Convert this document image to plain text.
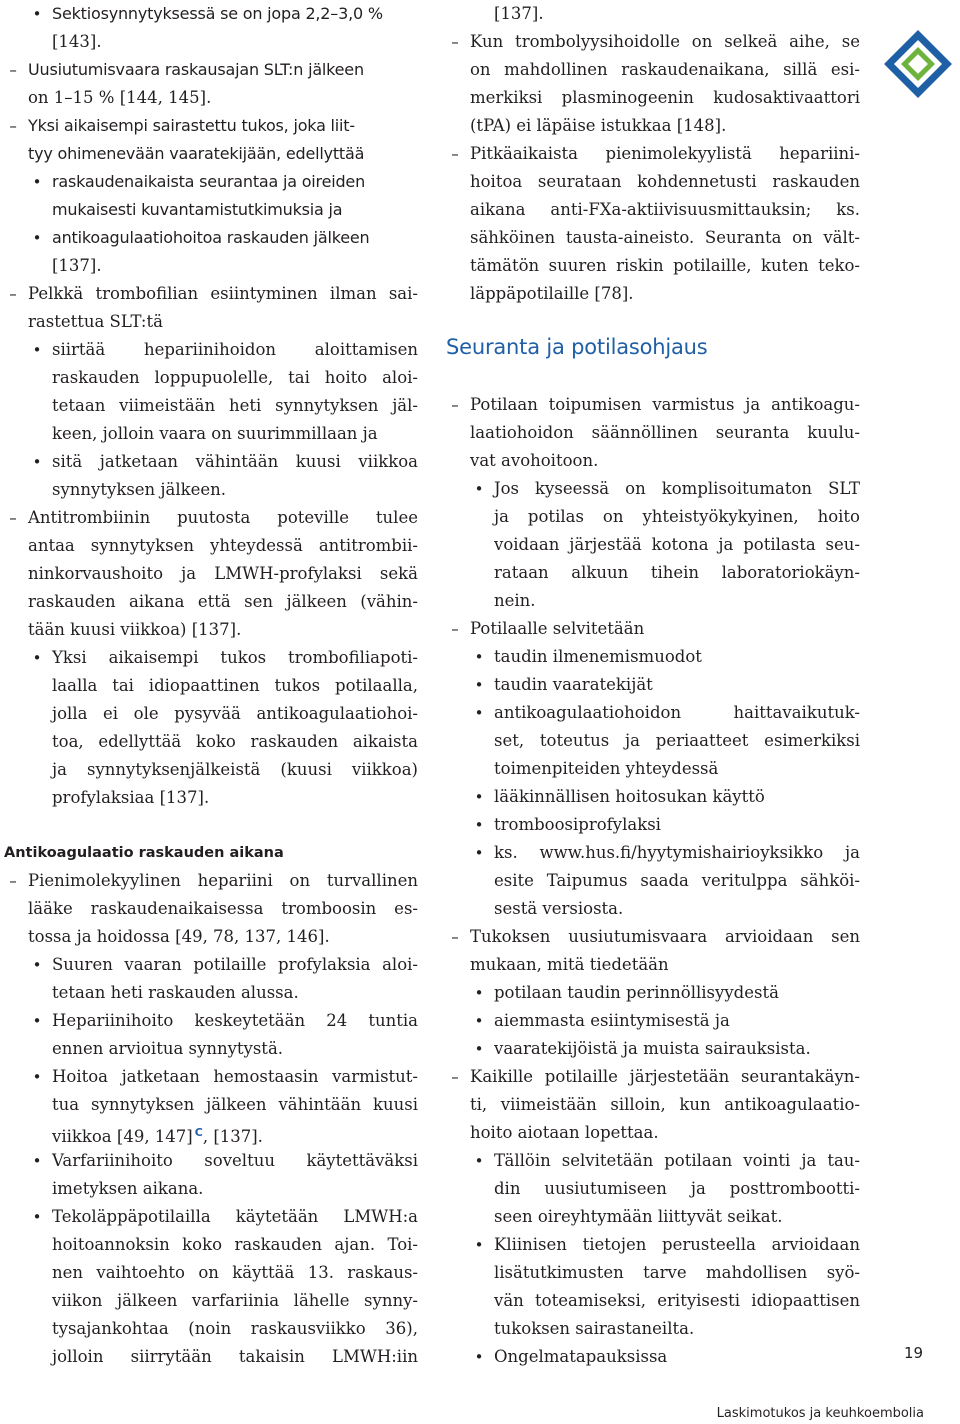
• Sektiosynnytyksessä se on jopa 2,2–3,0 %
[143].
– Uusiutumisvaara raskausajan SLT:n jälkeen
on 1–15 % [144, 145].
– Yksi aikaisempi sairastettu tukos, joka liit-
tyy ohimenevään vaaratekijään, edellyttää
• raskaudenaikaista seurantaa ja oireiden
mukaisesti kuvantamistutkimuksia ja
• antikoagulaatiohoitoa raskauden jälkeen
[137].
– Pelkkä trombofilian esiintyminen ilman sai-
rastettua SLT:tä
• siirtää hepariinihoidon aloittamisen
raskauden loppupuolelle, tai hoito aloi-
tetaan viimeistään heti synnytyksen jäl-
keen, jolloin vaara on suurimmillaan ja
• sitä jatketaan vähintään kuusi viikkoa
synnytyksen jälkeen.
– Antitrombiinin puutosta poteville tulee
antaa synnytyksen yhteydessä antitrombii-
ninkorvaushoito ja LMWH-profylaksi sekä
raskauden aikana että sen jälkeen (vähin-
tään kuusi viikkoa) [137].
• Yksi aikaisempi tukos trombofiliapoti-
laalla tai idiopaattinen tukos potilaalla,
jolla ei ole pysyvää antikoagulaatiohoi-
toa, edellyttää koko raskauden aikaista
ja synnytyksenjälkeistä (kuusi viikkoa)
profylaksiaa [137].
– Pienimolekyylinen hepariini on turvallinen
lääke raskaudenaikaisessa tromboosin es-
tossa ja hoidossa [49, 78, 137, 146].
• Suuren vaaran potilaille profylaksia aloi-
tetaan heti raskauden alussa.
• Hepariinihoito keskeytetään 24 tuntia
ennen arvioitua synnytystä.
• Hoitoa jatketaan hemostaasin varmistut-
tua synnytyksen jälkeen vähintään kuusi
viikkoa [49, 147] $^C$, [137].
• Varfariinihoito soveltuu käytettäväksi
imetyksen aikana.
• Tekoläppäpotilailla käytetään LMWH:a
hoitoannoksin koko raskauden ajan. Toi-
nen vaihtoehto on käyttää 13. raskaus-
viikon jälkeen varfariinia lähelle synny-
tysajankohtaa (noin raskausviikko 36),
jolloin siirrytään takaisin LMWH:iin
Antikoagulaatio raskauden aikana
[137].
– Kun trombolyysihoidolle on selkeä aihe, se
on mahdollinen raskaudenaikana, sillä esi-
merkiksi plasminogeenin kudosaktivaattori
(tPA) ei läpäise istukkaa [148].
– Pitkäaikaista pienimolekyylistä hepariini-
hoitoa seurataan kohdennetusti raskauden
aikana anti-FXa-aktiivisuusmittauksin; ks.
sähköinen tausta-aineisto. Seuranta on vält-
tämätön suuren riskin potilaille, kuten teko-
läppäpotilaille [78].
– Potilaan toipumisen varmistus ja antikoagu-
laatiohoidon säännöllinen seuranta kuulu-
vat avohoitoon.
• Jos kyseessä on komplisoitumaton SLT
ja potilas on yhteistyökykyinen, hoito
voidaan järjestää kotona ja potilasta seu-
rataan alkuun tihein laboratoriokäyn-
nein.
– Potilaalle selvitetään
• taudin ilmenemismuodot
• taudin vaaratekijät
• antikoagulaatiohoidon haittavaikutuk-
set, toteutus ja periaatteet esimerkiksi
toimenpiteiden yhteydessä
• lääkinnällisen hoitosukan käyttö
• tromboosiprofylaksi
• ks. www.hus.fi/hyytymishairioyksikko ja
esite Taipumus saada veritulppa sähköi-
sestä versiosta.
– Tukoksen uusiutumisvaara arvioidaan sen
mukaan, mitä tiedetään
• potilaan taudin perinnöllisyydestä
• aiemmasta esiintymisestä ja
• vaaratekijöistä ja muista sairauksista.
– Kaikille potilaille järjestetään seurantakäyn-
ti, viimeistään silloin, kun antikoagulaatio-
hoito aiotaan lopettaa.
• Tällöin selvitetään potilaan vointi ja tau-
din uusiutumiseen ja posttrombootti-
seen oireyhtymään liittyvät seikat.
• Kliinisen tietojen perusteella arvioidaan
lisätutkimusten tarve mahdollisen syö-
vän toteamiseksi, erityisesti idiopaattisen
tukoksen sairastaneilta.
• Ongelmatapauksissa
Seuranta ja potilasohjaus
19
Laskimotukos ja keuhkoembolia
